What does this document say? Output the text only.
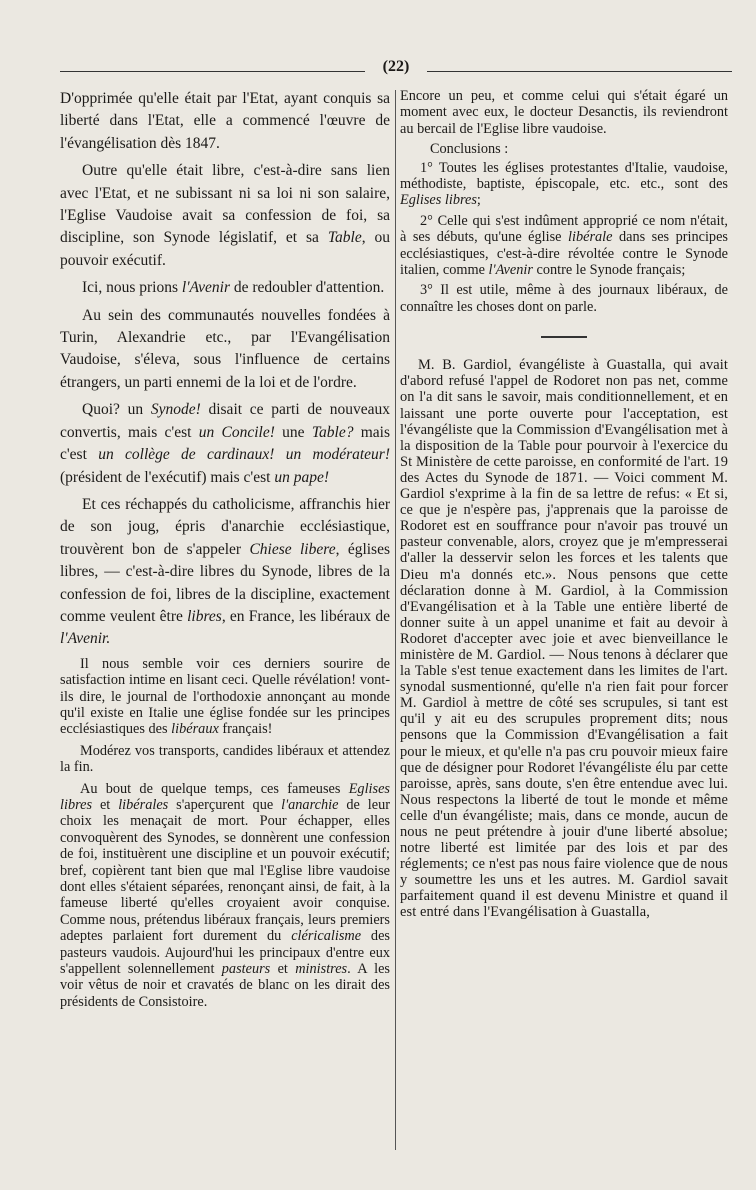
(22)

D'opprimée qu'elle était par l'Etat, ayant conquis sa liberté dans l'Etat, elle a commencé l'œuvre de l'évangélisation dès 1847.

Outre qu'elle était libre, c'est-à-dire sans lien avec l'Etat, et ne subissant ni sa loi ni son salaire, l'Eglise Vaudoise avait sa confession de foi, sa discipline, son Synode législatif, et sa Table, ou pouvoir exécutif.

Ici, nous prions l'Avenir de redoubler d'attention.

Au sein des communautés nouvelles fondées à Turin, Alexandrie etc., par l'Evangélisation Vaudoise, s'éleva, sous l'influence de certains étrangers, un parti ennemi de la loi et de l'ordre.

Quoi? un Synode! disait ce parti de nouveaux convertis, mais c'est un Concile! une Table? mais c'est un collège de cardinaux! un modérateur! (président de l'exécutif) mais c'est un pape!

Et ces réchappés du catholicisme, affranchis hier de son joug, épris d'anarchie ecclésiastique, trouvèrent bon de s'appeler Chiese libere, églises libres, — c'est-à-dire libres du Synode, libres de la confession de foi, libres de la discipline, exactement comme veulent être libres, en France, les libéraux de l'Avenir.

Il nous semble voir ces derniers sourire de satisfaction intime en lisant ceci. Quelle révélation! vont-ils dire, le journal de l'orthodoxie annonçant au monde qu'il existe en Italie une église fondée sur les principes ecclésiastiques des libéraux français!

Modérez vos transports, candides libéraux et attendez la fin.

Au bout de quelque temps, ces fameuses Eglises libres et libérales s'aperçurent que l'anarchie de leur choix les menaçait de mort. Pour échapper, elles convoquèrent des Synodes, se donnèrent une confession de foi, instituèrent une discipline et un pouvoir exécutif; bref, copièrent tant bien que mal l'Eglise libre vaudoise dont elles s'étaient séparées, renonçant ainsi, de fait, à la fameuse liberté qu'elles croyaient avoir conquise. Comme nous, prétendus libéraux français, leurs premiers adeptes parlaient fort durement du cléricalisme des pasteurs vaudois. Aujourd'hui les principaux d'entre eux s'appellent solennellement pasteurs et ministres. A les voir vêtus de noir et cravatés de blanc on les dirait des présidents de Consistoire.

Encore un peu, et comme celui qui s'était égaré un moment avec eux, le docteur Desanctis, ils reviendront au bercail de l'Eglise libre vaudoise.

Conclusions :

1° Toutes les églises protestantes d'Italie, vaudoise, méthodiste, baptiste, épiscopale, etc. etc., sont des Eglises libres;

2° Celle qui s'est indûment approprié ce nom n'était, à ses débuts, qu'une église libérale dans ses principes ecclésiastiques, c'est-à-dire révoltée contre le Synode italien, comme l'Avenir contre le Synode français;

3° Il est utile, même à des journaux libéraux, de connaître les choses dont on parle.

M. B. Gardiol, évangéliste à Guastalla, qui avait d'abord refusé l'appel de Rodoret non pas net, comme on l'a dit sans le savoir, mais conditionnellement, et en laissant une porte ouverte pour l'acceptation, est l'évangéliste que la Commission d'Evangélisation met à la disposition de la Table pour pourvoir à l'exercice du St Ministère de cette paroisse, en conformité de l'art. 19 des Actes du Synode de 1871. — Voici comment M. Gardiol s'exprime à la fin de sa lettre de refus: « Et si, ce que je n'espère pas, j'apprenais que la paroisse de Rodoret est en souffrance pour n'avoir pas trouvé un pasteur convenable, alors, croyez que je m'empresserai d'aller la desservir selon les forces et les talents que Dieu m'a donnés etc.». Nous pensons que cette déclaration donne à M. Gardiol, à la Commission d'Evangélisation et à la Table une entière liberté de donner suite à un appel unanime et fait au devoir à Rodoret d'accepter avec joie et avec bienveillance le ministère de M. Gardiol. — Nous tenons à déclarer que la Table s'est tenue exactement dans les limites de l'art. synodal susmentionné, qu'elle n'a rien fait pour forcer M. Gardiol à mettre de côté ses scrupules, si tant est qu'il y ait eu des scrupules proprement dits; nous pensons que la Commission d'Evangélisation a fait pour le mieux, et qu'elle n'a pas cru pouvoir mieux faire que de désigner pour Rodoret l'évangéliste élu par cette paroisse, après, sans doute, s'en être entendue avec lui. Nous respectons la liberté de tout le monde et même celle d'un évangéliste; mais, dans ce monde, aucun de nous ne peut prétendre à jouir d'une liberté absolue; notre liberté est limitée par des lois et par des réglements; ce n'est pas nous faire violence que de nous y soumettre les uns et les autres. M. Gardiol savait parfaitement quand il est devenu Ministre et quand il est entré dans l'Evangélisation à Guastalla,
